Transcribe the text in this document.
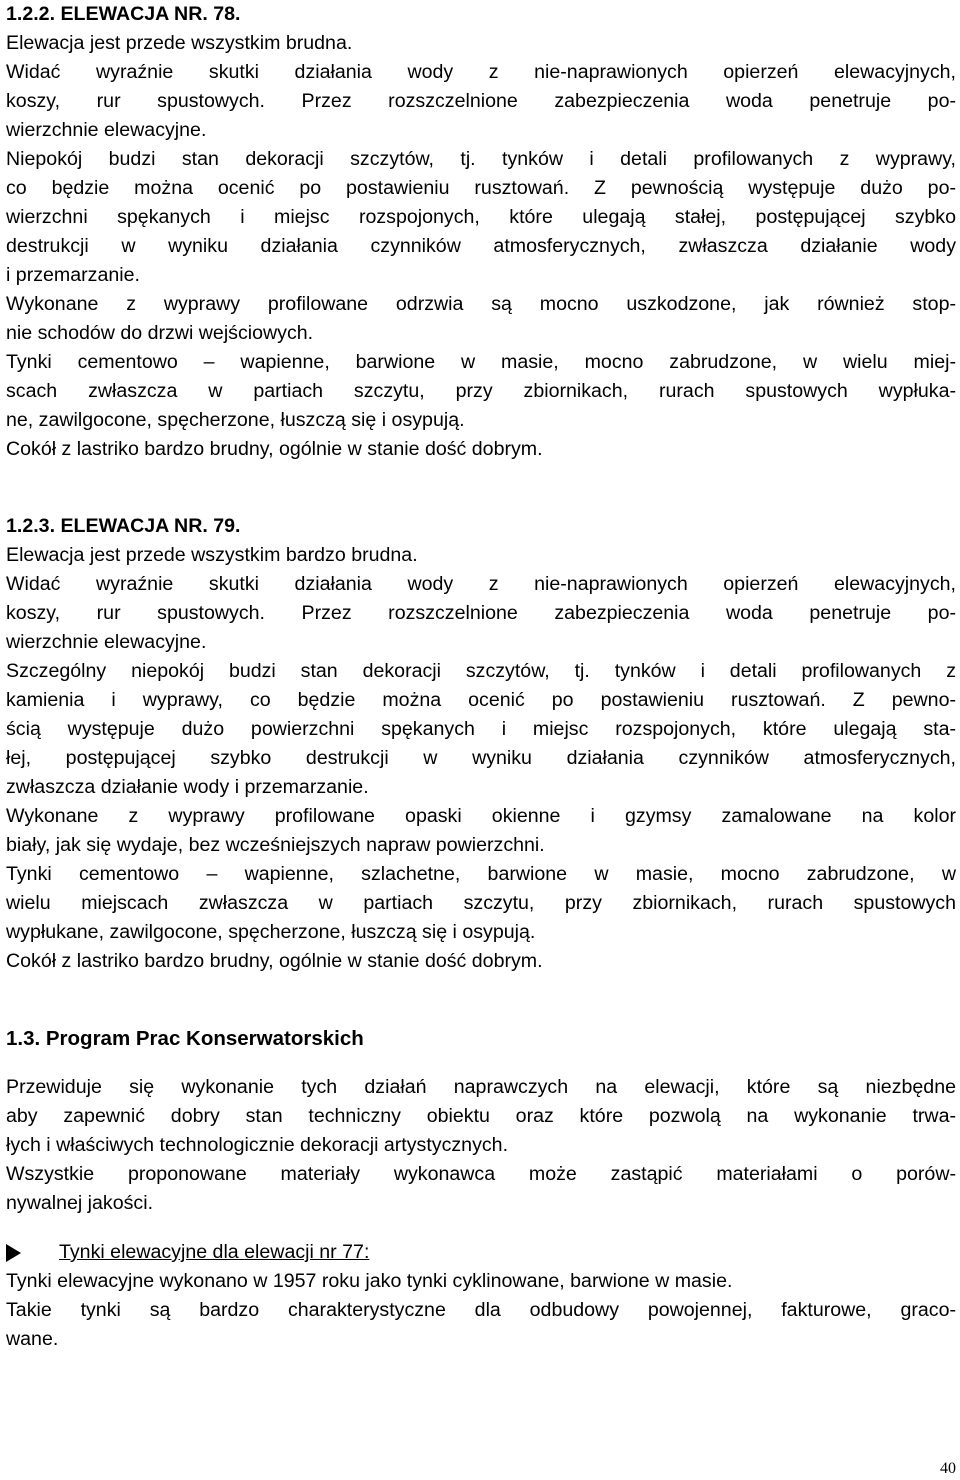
1.2.2. ELEWACJA NR. 78.
Elewacja jest przede wszystkim brudna.
Widać wyraźnie skutki działania wody z nie-naprawionych opierzeń elewacyjnych,
koszy, rur spustowych. Przez rozszczelnione zabezpieczenia woda penetruje po-
wierzchnie elewacyjne.
Niepokój budzi stan dekoracji szczytów, tj. tynków i detali profilowanych z wyprawy,
co będzie można ocenić po postawieniu rusztowań. Z pewnością występuje dużo po-
wierzchni spękanych i miejsc rozspojonych, które ulegają stałej, postępującej szybko
destrukcji w wyniku działania czynników atmosferycznych, zwłaszcza działanie wody
i przemarzanie.
Wykonane z wyprawy profilowane odrzwia są mocno uszkodzone, jak również stop-
nie schodów do drzwi wejściowych.
Tynki cementowo – wapienne, barwione w masie, mocno zabrudzone, w wielu miej-
scach zwłaszcza w partiach szczytu, przy zbiornikach, rurach spustowych wypłuka-
ne, zawilgocone, spęcherzone, łuszczą się i osypują.
Cokół z lastriko bardzo brudny, ogólnie w stanie dość dobrym.
1.2.3. ELEWACJA NR. 79.
Elewacja jest przede wszystkim bardzo brudna.
Widać wyraźnie skutki działania wody z nie-naprawionych opierzeń elewacyjnych,
koszy, rur spustowych. Przez rozszczelnione zabezpieczenia woda penetruje po-
wierzchnie elewacyjne.
Szczególny niepokój budzi stan dekoracji szczytów, tj. tynków i detali profilowanych z
kamienia i wyprawy, co będzie można ocenić po postawieniu rusztowań. Z pewno-
ścią występuje dużo powierzchni spękanych i miejsc rozspojonych, które ulegają sta-
łej, postępującej szybko destrukcji w wyniku działania czynników atmosferycznych,
zwłaszcza działanie wody i przemarzanie.
Wykonane z wyprawy profilowane opaski okienne i gzymsy zamalowane na kolor
biały, jak się wydaje, bez wcześniejszych napraw powierzchni.
Tynki cementowo – wapienne, szlachetne, barwione w masie, mocno zabrudzone, w
wielu miejscach zwłaszcza w partiach szczytu, przy zbiornikach, rurach spustowych
wypłukane, zawilgocone, spęcherzone, łuszczą się i osypują.
Cokół z lastriko bardzo brudny, ogólnie w stanie dość dobrym.
1.3. Program Prac Konserwatorskich
Przewiduje się wykonanie tych działań naprawczych na elewacji, które są niezbędne
aby zapewnić dobry stan techniczny obiektu oraz które pozwolą na wykonanie trwa-
łych i właściwych technologicznie dekoracji artystycznych.
Wszystkie proponowane materiały wykonawca może zastąpić materiałami o porów-
nywalnej jakości.
Tynki elewacyjne dla elewacji nr 77:
Tynki elewacyjne wykonano w 1957 roku jako tynki cyklinowane, barwione w masie.
Takie tynki są bardzo charakterystyczne dla odbudowy powojennej, fakturowe, graco-
wane.
40
